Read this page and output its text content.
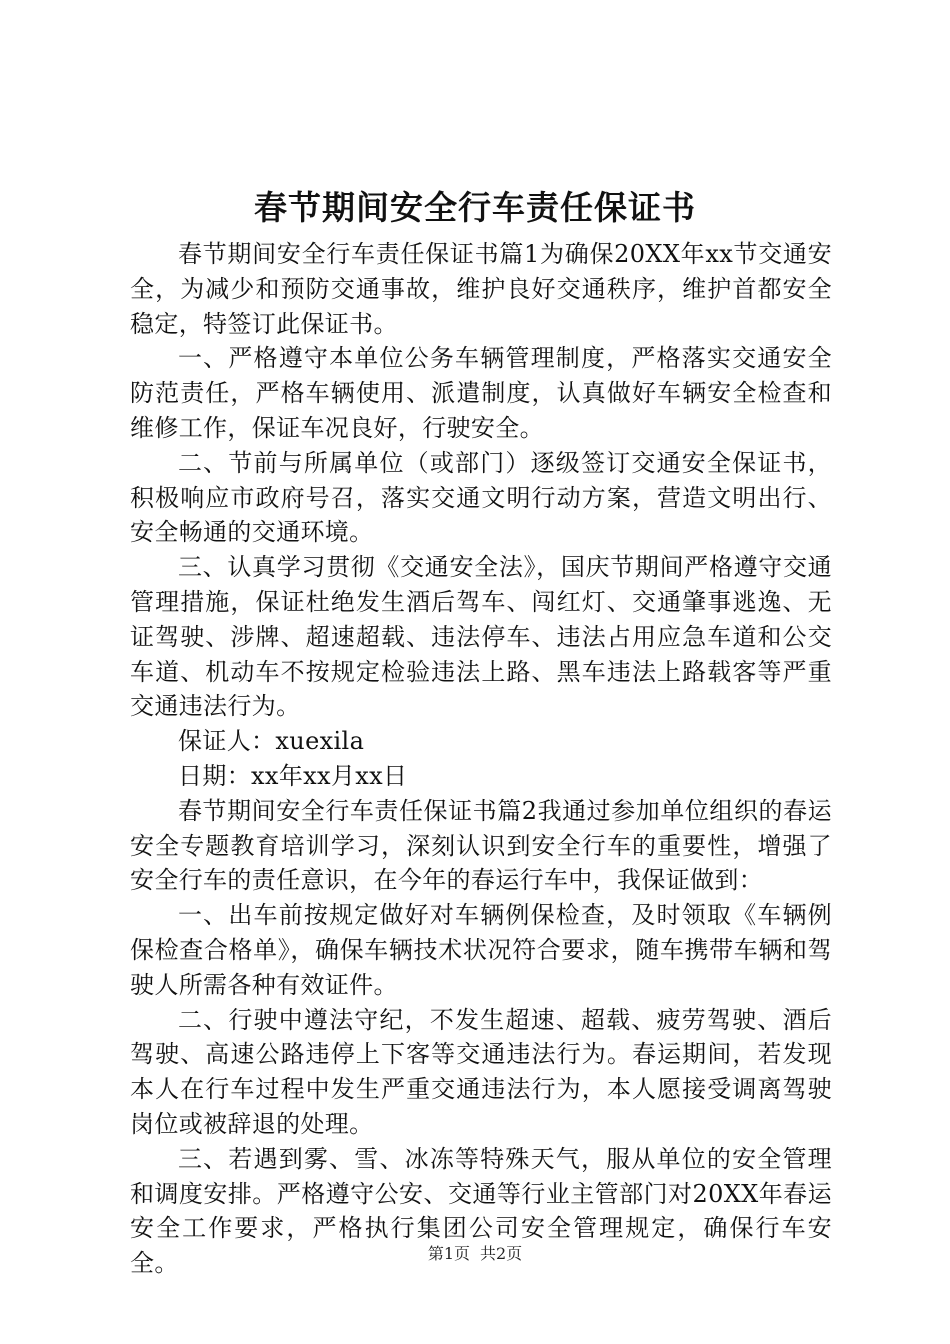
春节期间安全行车责任保证书

春节期间安全行车责任保证书篇1为确保20XX年xx节交通安全，为减少和预防交通事故，维护良好交通秩序，维护首都安全稳定，特签订此保证书。

一、严格遵守本单位公务车辆管理制度，严格落实交通安全防范责任，严格车辆使用、派遣制度，认真做好车辆安全检查和维修工作，保证车况良好，行驶安全。

二、节前与所属单位（或部门）逐级签订交通安全保证书，积极响应市政府号召，落实交通文明行动方案，营造文明出行、安全畅通的交通环境。

三、认真学习贯彻《交通安全法》，国庆节期间严格遵守交通管理措施，保证杜绝发生酒后驾车、闯红灯、交通肇事逃逸、无证驾驶、涉牌、超速超载、违法停车、违法占用应急车道和公交车道、机动车不按规定检验违法上路、黑车违法上路载客等严重交通违法行为。

保证人：xuexila

日期：xx年xx月xx日

春节期间安全行车责任保证书篇2我通过参加单位组织的春运安全专题教育培训学习，深刻认识到安全行车的重要性，增强了安全行车的责任意识，在今年的春运行车中，我保证做到：

一、出车前按规定做好对车辆例保检查，及时领取《车辆例保检查合格单》，确保车辆技术状况符合要求，随车携带车辆和驾驶人所需各种有效证件。

二、行驶中遵法守纪，不发生超速、超载、疲劳驾驶、酒后驾驶、高速公路违停上下客等交通违法行为。春运期间，若发现本人在行车过程中发生严重交通违法行为，本人愿接受调离驾驶岗位或被辞退的处理。

三、若遇到雾、雪、冰冻等特殊天气，服从单位的安全管理和调度安排。严格遵守公安、交通等行业主管部门对20XX年春运安全工作要求，严格执行集团公司安全管理规定，确保行车安全。	第1页 共2页
